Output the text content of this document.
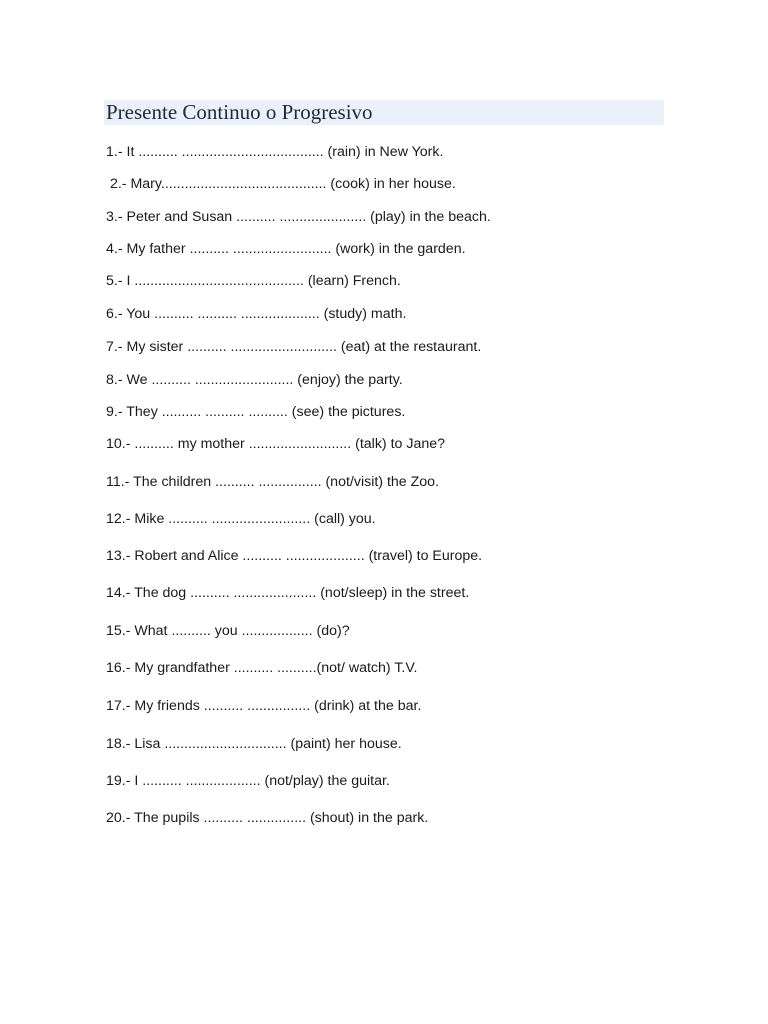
Presente Continuo o Progresivo
1.- It .......... .................................... (rain) in New York.
2.- Mary.......................................... (cook) in her house.
3.- Peter and Susan .......... ...................... (play) in the beach.
4.- My father .......... ......................... (work) in the garden.
5.- I ........................................... (learn) French.
6.- You .......... .......... .................... (study) math.
7.- My sister .......... ........................... (eat) at the restaurant.
8.- We .......... ......................... (enjoy) the party.
9.- They .......... .......... .......... (see) the pictures.
10.- .......... my mother .......................... (talk) to Jane?
11.- The children .......... ................ (not/visit) the Zoo.
12.- Mike .......... ......................... (call) you.
13.- Robert and Alice .......... .................... (travel) to Europe.
14.- The dog .......... ..................... (not/sleep) in the street.
15.- What .......... you .................. (do)?
16.- My grandfather .......... ..........(not/ watch) T.V.
17.- My friends .......... ................ (drink) at the bar.
18.- Lisa ............................... (paint) her house.
19.- I .......... ................... (not/play) the guitar.
20.- The pupils .......... ............... (shout) in the park.
